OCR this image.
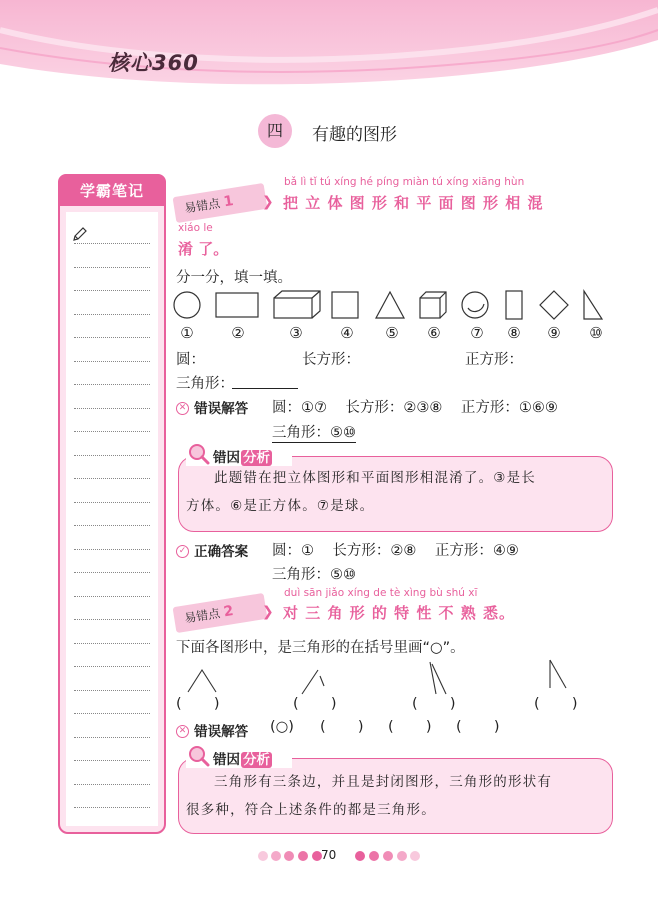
核心360
四	有趣的图形
学霸笔记
易错点 1	❯
bǎ lì tǐ tú xíng hé píng miàn tú xíng xiāng hùn
把 立 体 图 形 和 平 面 图 形 相 混
xiáo le
淆 了。
分一分，填一填。
①	②	③	④	⑤	⑥	⑦	⑧	⑨	⑩
圆：	长方形：	正方形：
三角形：
✕ 错误解答 圆：①⑦    长方形：②③⑧    正方形：①⑥⑨
三角形：⑤⑩
错因 分析
此题错在把立体图形和平面图形相混淆了。③是长
方体。⑥是正方体。⑦是球。
✓ 正确答案 圆：①    长方形：②⑧    正方形：④⑨
三角形：⑤⑩
易错点 2	❯
duì sān jiǎo xíng de tè xìng bù shú xī
对 三 角 形 的 特 性 不 熟 悉。
下面各图形中，是三角形的在括号里画“○”。
(       )	(       )	(       )	(       )
✕ 错误解答 (○) (       ) (       ) (       )
错因 分析
三角形有三条边，并且是封闭图形，三角形的形状有
很多种，符合上述条件的都是三角形。
70
